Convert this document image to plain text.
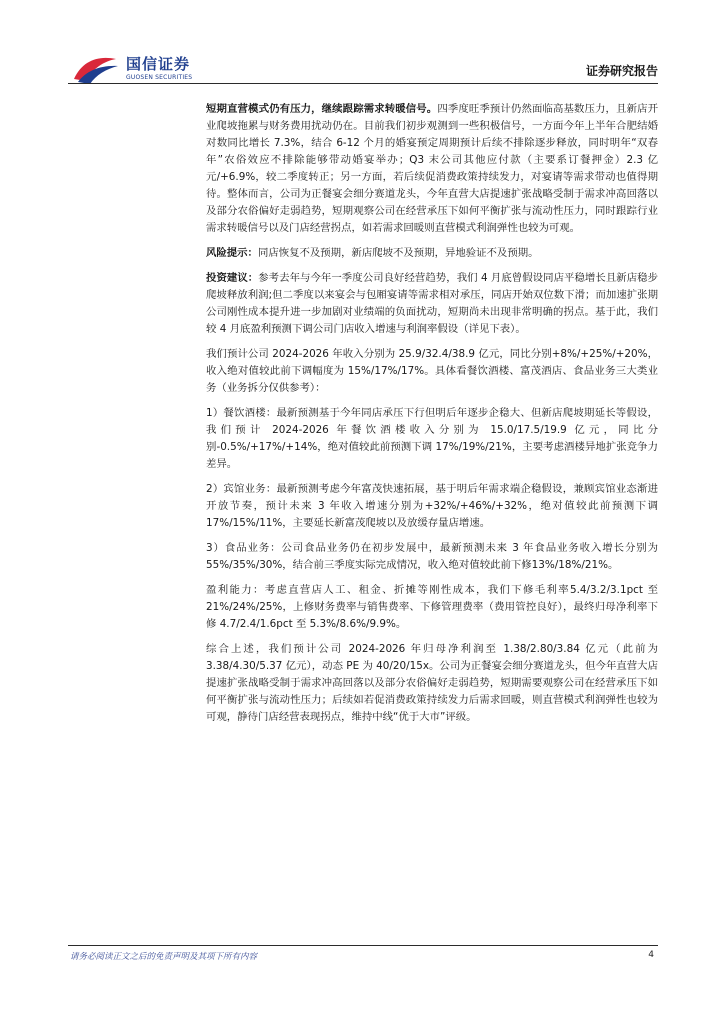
国信证券
GUOSEN SECURITIES	证券研究报告

短期直营模式仍有压力，继续跟踪需求转暖信号。四季度旺季预计仍然面临高基数压力，且新店开业爬坡拖累与财务费用扰动仍在。目前我们初步观测到一些积极信号，一方面今年上半年合肥结婚对数同比增长 7.3%，结合 6-12 个月的婚宴预定周期预计后续不排除逐步释放，同时明年“双春年”农俗效应不排除能够带动婚宴举办；Q3 末公司其他应付款（主要系订餐押金）2.3 亿元/+6.9%，较二季度转正；另一方面，若后续促消费政策持续发力，对宴请等需求带动也值得期待。整体而言，公司为正餐宴会细分赛道龙头，今年直营大店提速扩张战略受制于需求冲高回落以及部分农俗偏好走弱趋势，短期观察公司在经营承压下如何平衡扩张与流动性压力，同时跟踪行业需求转暖信号以及门店经营拐点，如若需求回暖则直营模式利润弹性也较为可观。

风险提示：同店恢复不及预期，新店爬坡不及预期，异地验证不及预期。

投资建议：参考去年与今年一季度公司良好经营趋势，我们 4 月底曾假设同店平稳增长且新店稳步爬坡释放利润;但二季度以来宴会与包厢宴请等需求相对承压，同店开始双位数下滑；而加速扩张期公司刚性成本提升进一步加剧对业绩端的负面扰动，短期尚未出现非常明确的拐点。基于此，我们较 4 月底盈利预测下调公司门店收入增速与利润率假设（详见下表）。

我们预计公司 2024-2026 年收入分别为 25.9/32.4/38.9 亿元，同比分别+8%/+25%/+20%，收入绝对值较此前下调幅度为 15%/17%/17%。具体看餐饮酒楼、富茂酒店、食品业务三大类业务（业务拆分仅供参考）：

1）餐饮酒楼：最新预测基于今年同店承压下行但明后年逐步企稳大、但新店爬坡期延长等假设，我们预计 2024-2026 年餐饮酒楼收入分别为 15.0/17.5/19.9 亿元，同比分别-0.5%/+17%/+14%，绝对值较此前预测下调 17%/19%/21%，主要考虑酒楼异地扩张竞争力差异。

2）宾馆业务：最新预测考虑今年富茂快速拓展，基于明后年需求端企稳假设，兼顾宾馆业态渐进开放节奏，预计未来 3 年收入增速分别为+32%/+46%/+32%，绝对值较此前预测下调 17%/15%/11%，主要延长新富茂爬坡以及放缓存量店增速。

3）食品业务：公司食品业务仍在初步发展中，最新预测未来 3 年食品业务收入增长分别为 55%/35%/30%，结合前三季度实际完成情况，收入绝对值较此前下修13%/18%/21%。

盈利能力：考虑直营店人工、租金、折摊等刚性成本，我们下修毛利率5.4/3.2/3.1pct 至 21%/24%/25%，上修财务费率与销售费率、下修管理费率（费用管控良好），最终归母净利率下修 4.7/2.4/1.6pct 至 5.3%/8.6%/9.9%。

综合上述，我们预计公司 2024-2026 年归母净利润至 1.38/2.80/3.84 亿元（此前为 3.38/4.30/5.37 亿元），动态 PE 为 40/20/15x。公司为正餐宴会细分赛道龙头，但今年直营大店提速扩张战略受制于需求冲高回落以及部分农俗偏好走弱趋势，短期需要观察公司在经营承压下如何平衡扩张与流动性压力；后续如若促消费政策持续发力后需求回暖，则直营模式利润弹性也较为可观，静待门店经营表现拐点，维持中线“优于大市”评级。

请务必阅读正文之后的免责声明及其项下所有内容	4
